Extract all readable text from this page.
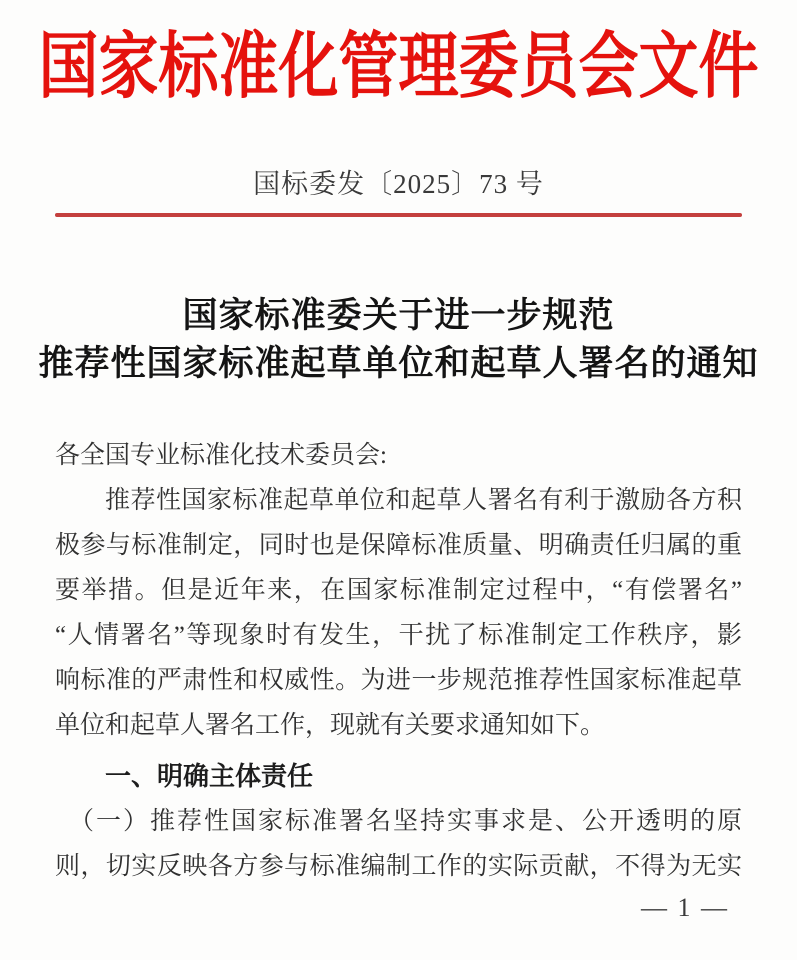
国家标准化管理委员会文件
国标委发〔2025〕73 号
国家标准委关于进一步规范
推荐性国家标准起草单位和起草人署名的通知
各全国专业标准化技术委员会:
推荐性国家标准起草单位和起草人署名有利于激励各方积
极参与标准制定，同时也是保障标准质量、明确责任归属的重
要举措。但是近年来，在国家标准制定过程中，“有偿署名”
“人情署名”等现象时有发生，干扰了标准制定工作秩序，影
响标准的严肃性和权威性。为进一步规范推荐性国家标准起草
单位和起草人署名工作，现就有关要求通知如下。
一、明确主体责任
（一）推荐性国家标准署名坚持实事求是、公开透明的原
则，切实反映各方参与标准编制工作的实际贡献，不得为无实
— 1 —
